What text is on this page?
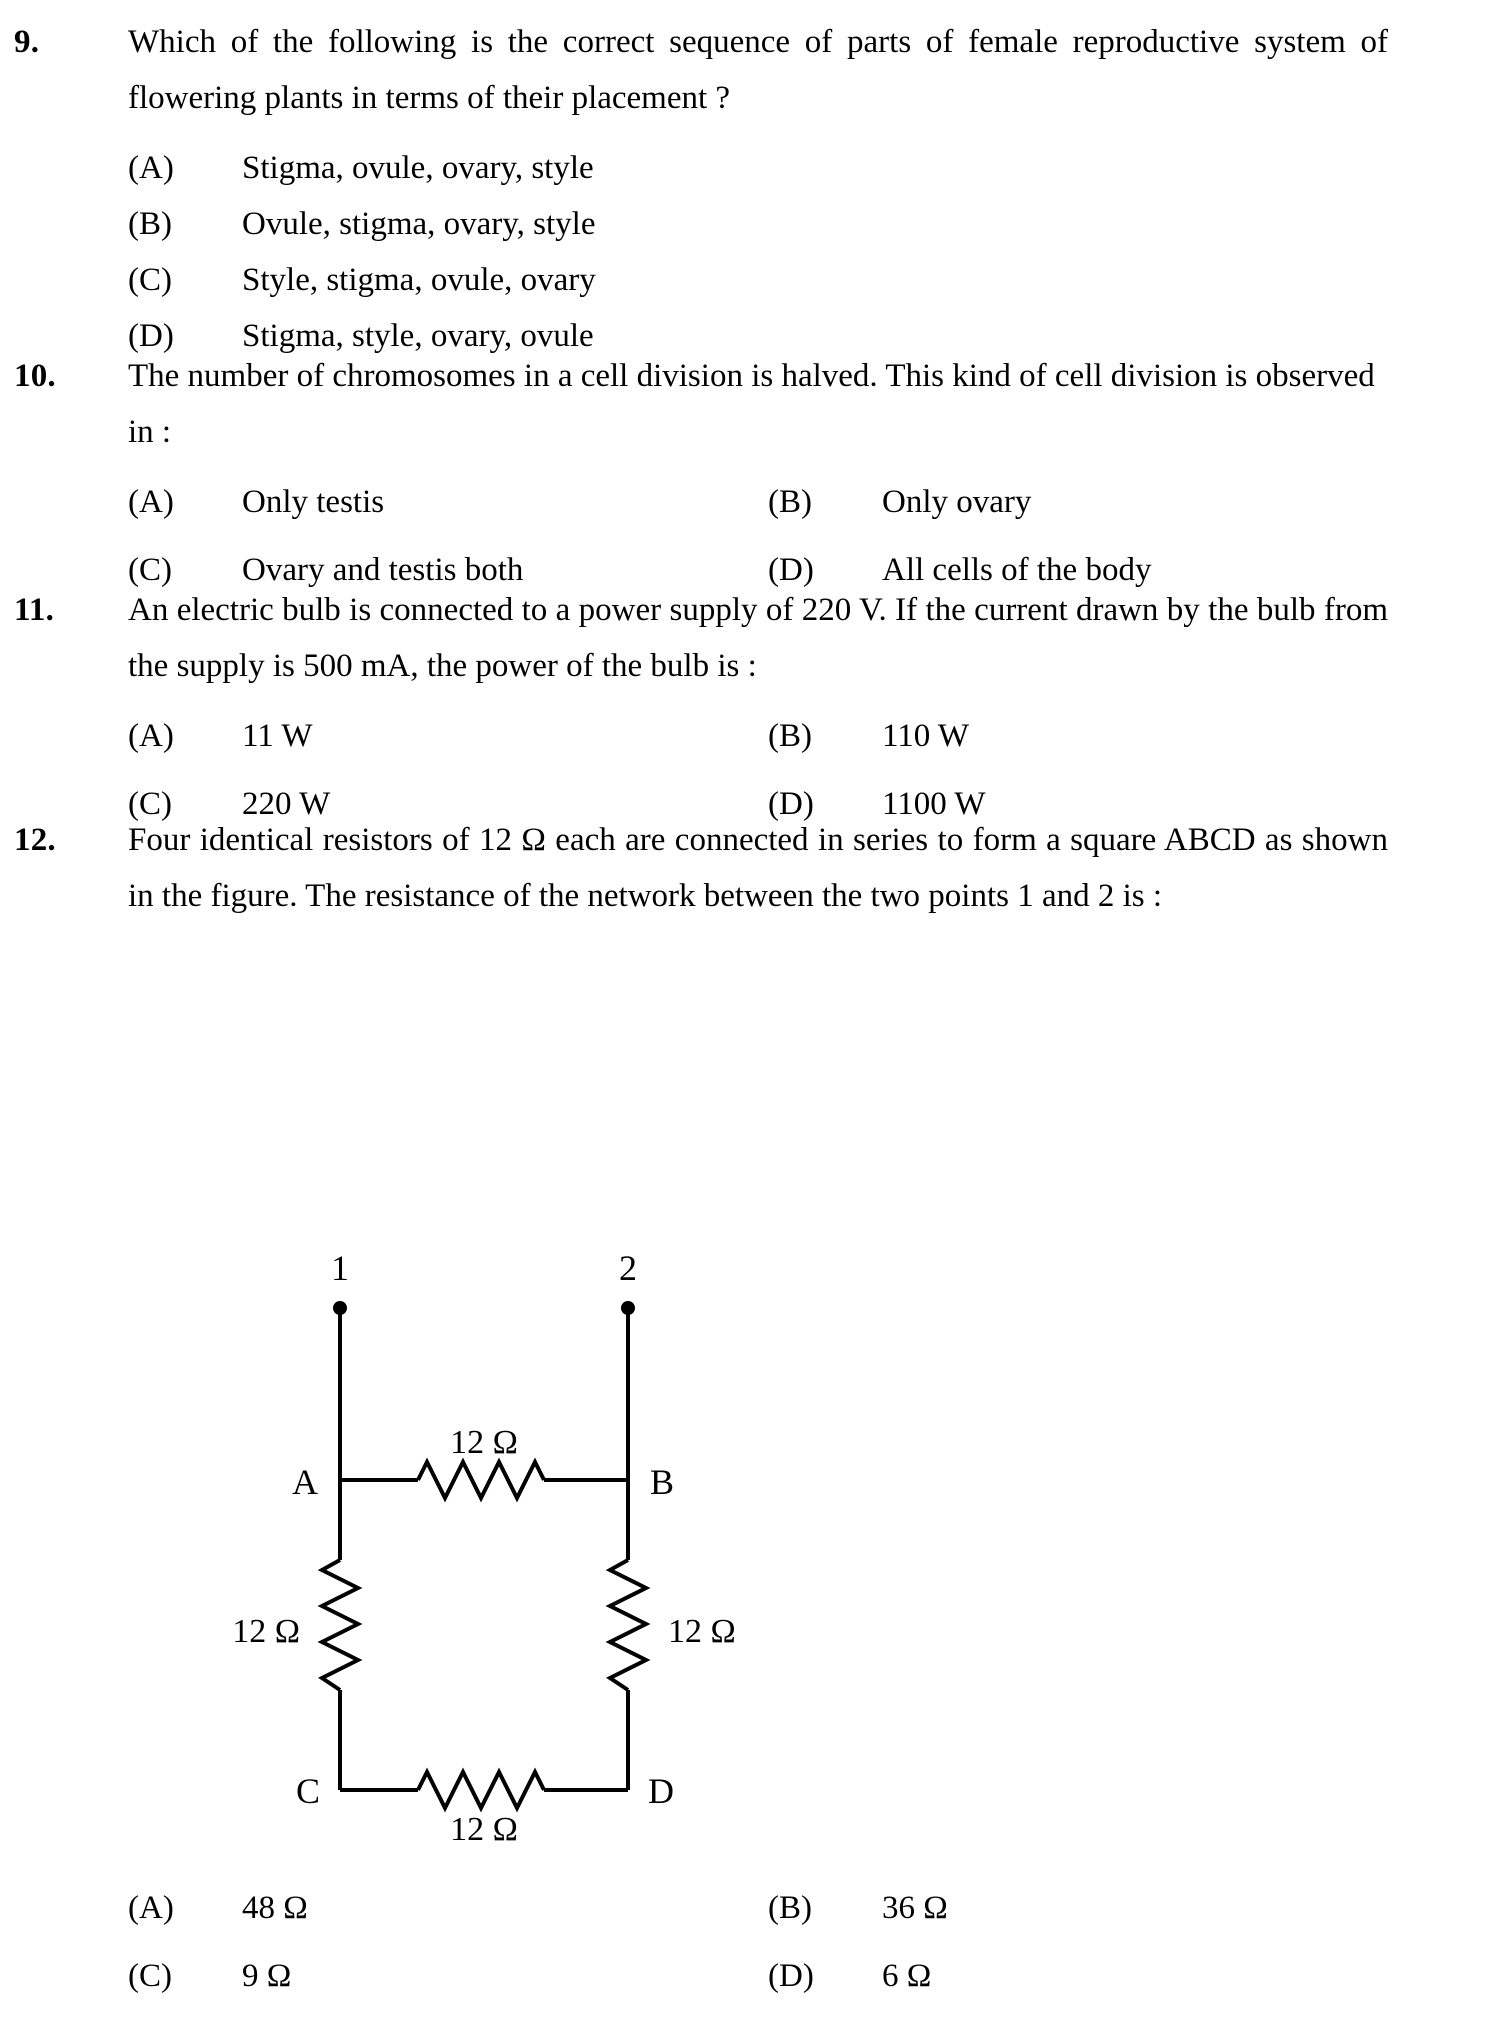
9.	Which of the following is the correct sequence of parts of female reproductive system of flowering plants in terms of their placement ?

(A) Stigma, ovule, ovary, style
(B) Ovule, stigma, ovary, style
(C) Style, stigma, ovule, ovary
(D) Stigma, style, ovary, ovule
10.	The number of chromosomes in a cell division is halved. This kind of cell division is observed in :

(A) Only testis	(B) Only ovary
(C) Ovary and testis both	(D) All cells of the body
11.	An electric bulb is connected to a power supply of 220 V. If the current drawn by the bulb from the supply is 500 mA, the power of the bulb is :

(A) 11 W	(B) 110 W
(C) 220 W	(D) 1100 W
12.	Four identical resistors of 12 Ω each are connected in series to form a square ABCD as shown in the figure. The resistance of the network between the two points 1 and 2 is :

1	2
A	B
12 Ω
12 Ω	12 Ω
C	D
12 Ω
(A) 48 Ω	(B) 36 Ω
(C) 9 Ω	(D) 6 Ω
